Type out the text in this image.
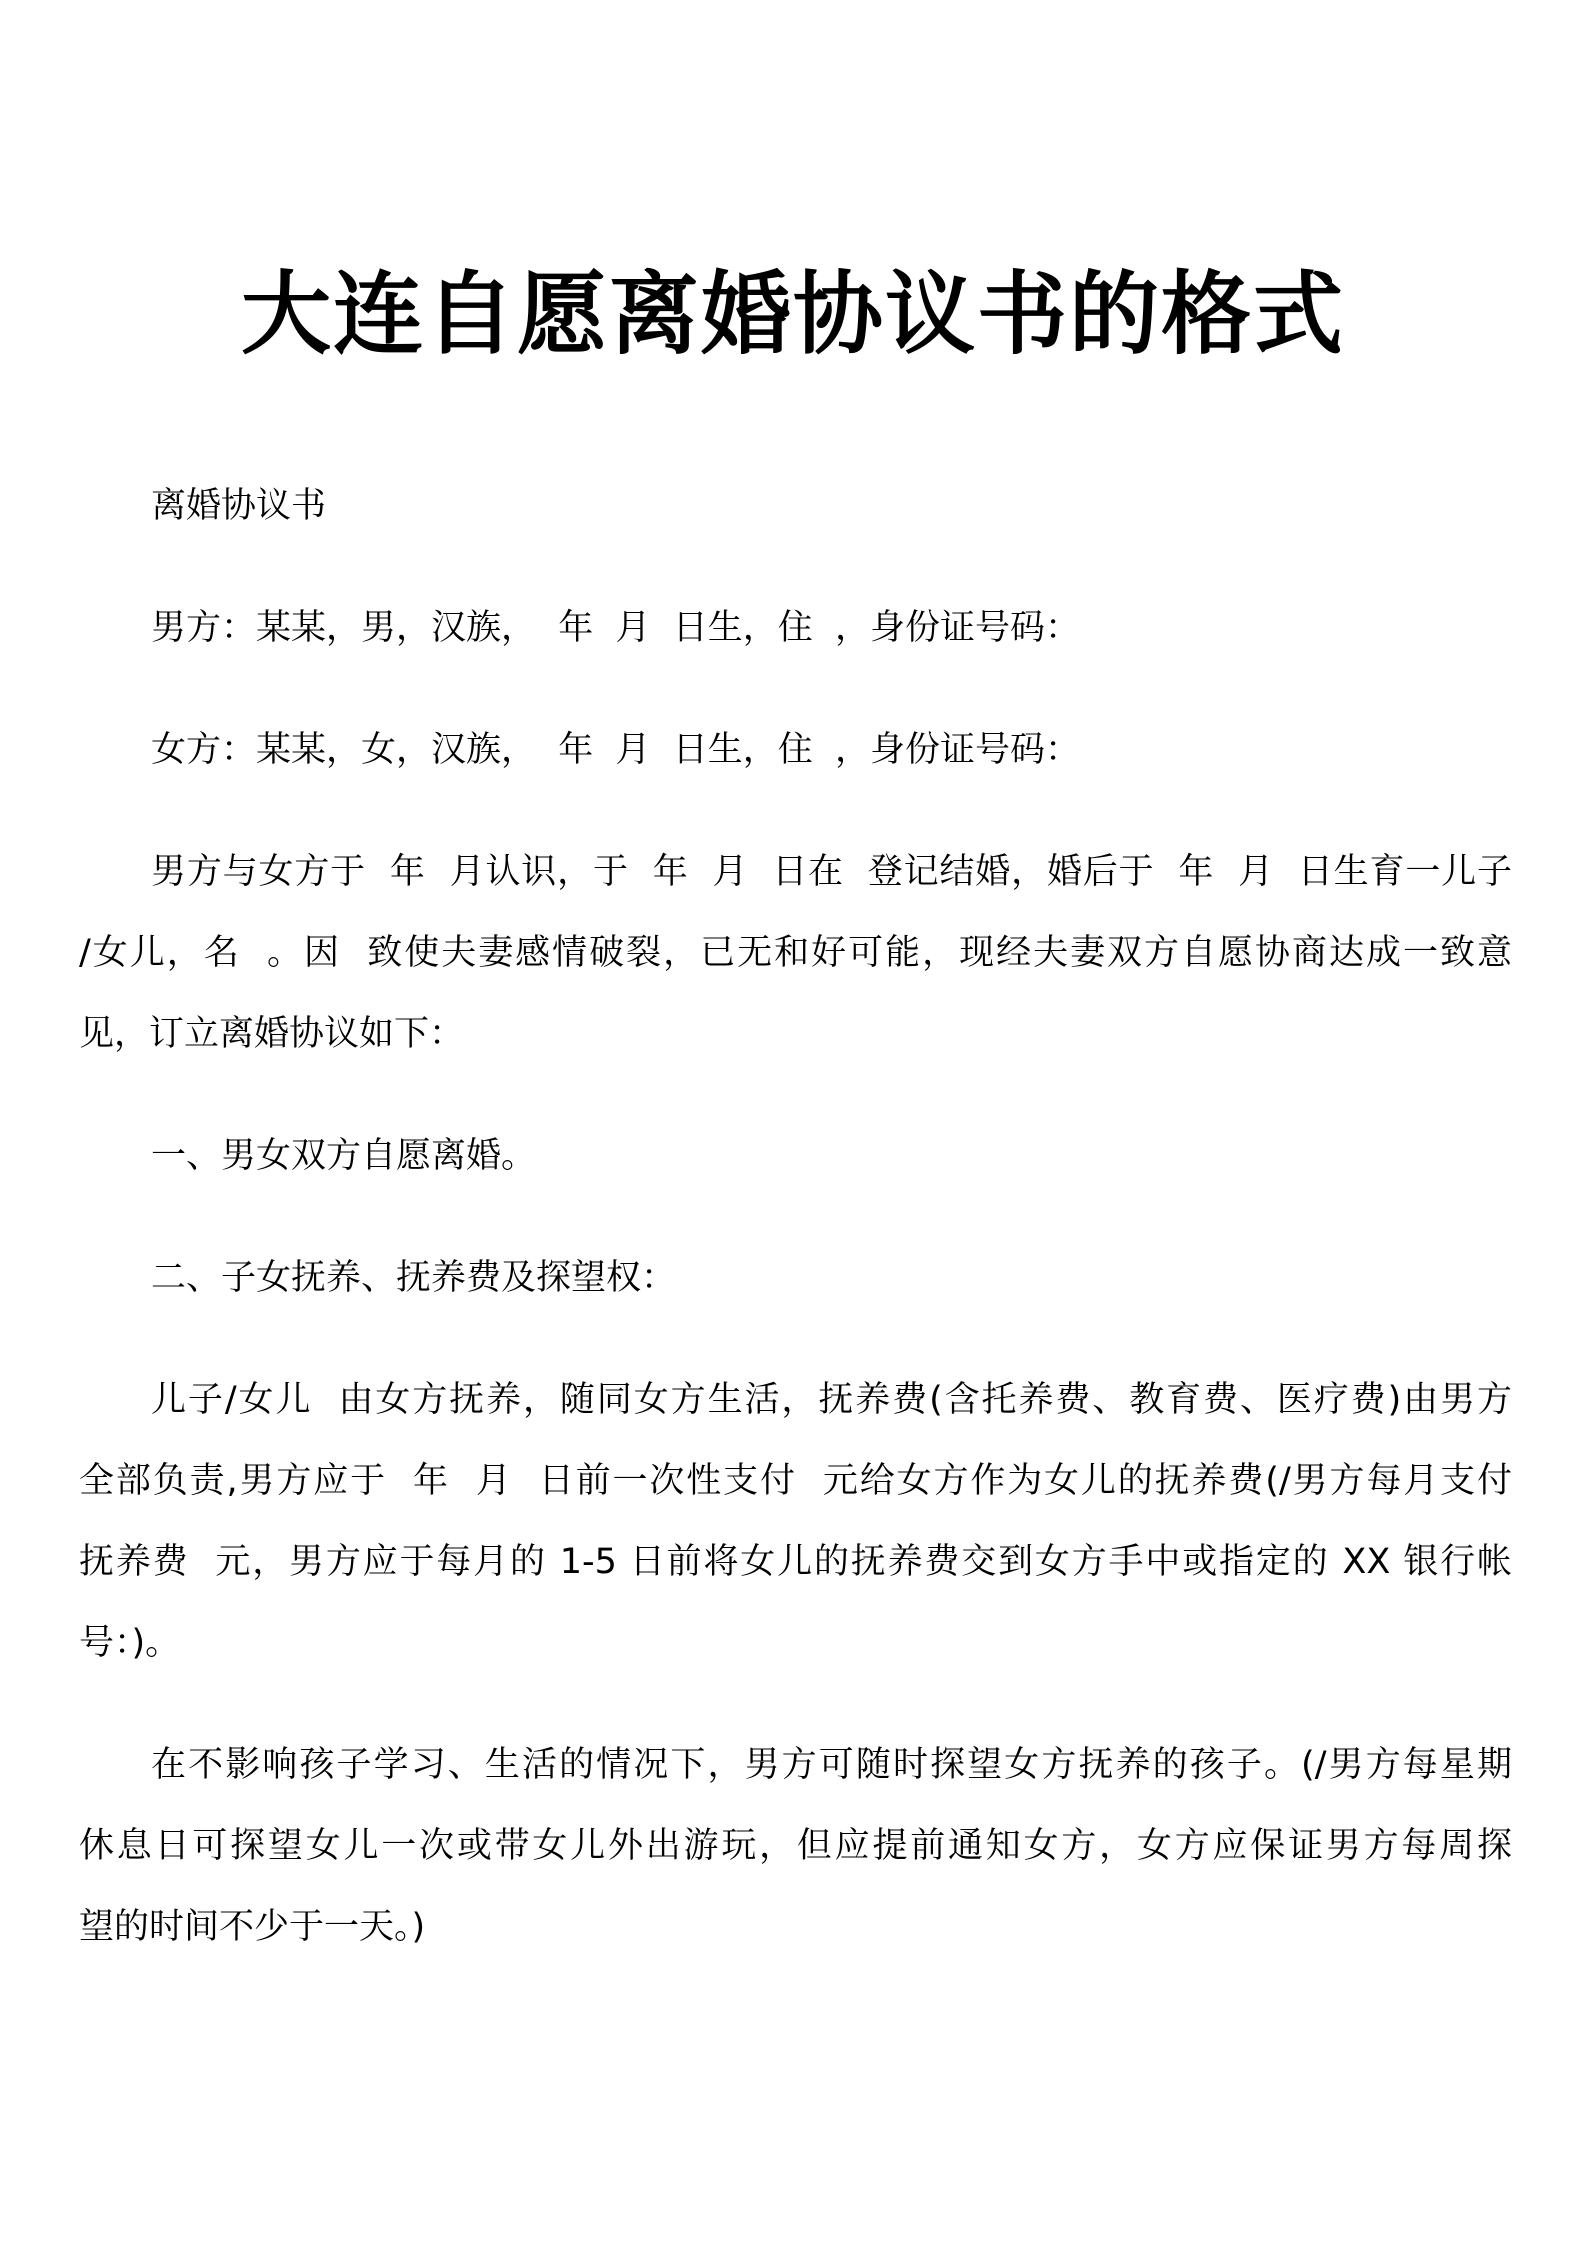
大连自愿离婚协议书的格式
离婚协议书
男方：某某，男，汉族，  年  月  日生，住  ，身份证号码：
女方：某某，女，汉族，  年  月  日生，住  ，身份证号码：
男方与女方于  年  月认识，于  年  月  日在  登记结婚，婚后于  年  月  日生育一儿子
/女儿，名  。因  致使夫妻感情破裂，已无和好可能，现经夫妻双方自愿协商达成一致意
见，订立离婚协议如下：
一、男女双方自愿离婚。
二、子女抚养、抚养费及探望权：
儿子/女儿  由女方抚养，随同女方生活，抚养费(含托养费、教育费、医疗费)由男方
全部负责,男方应于  年  月  日前一次性支付  元给女方作为女儿的抚养费(/男方每月支付
抚养费  元，男方应于每月的 1-5 日前将女儿的抚养费交到女方手中或指定的 XX 银行帐
号：)。
在不影响孩子学习、生活的情况下，男方可随时探望女方抚养的孩子。(/男方每星期
休息日可探望女儿一次或带女儿外出游玩，但应提前通知女方，女方应保证男方每周探
望的时间不少于一天。)
